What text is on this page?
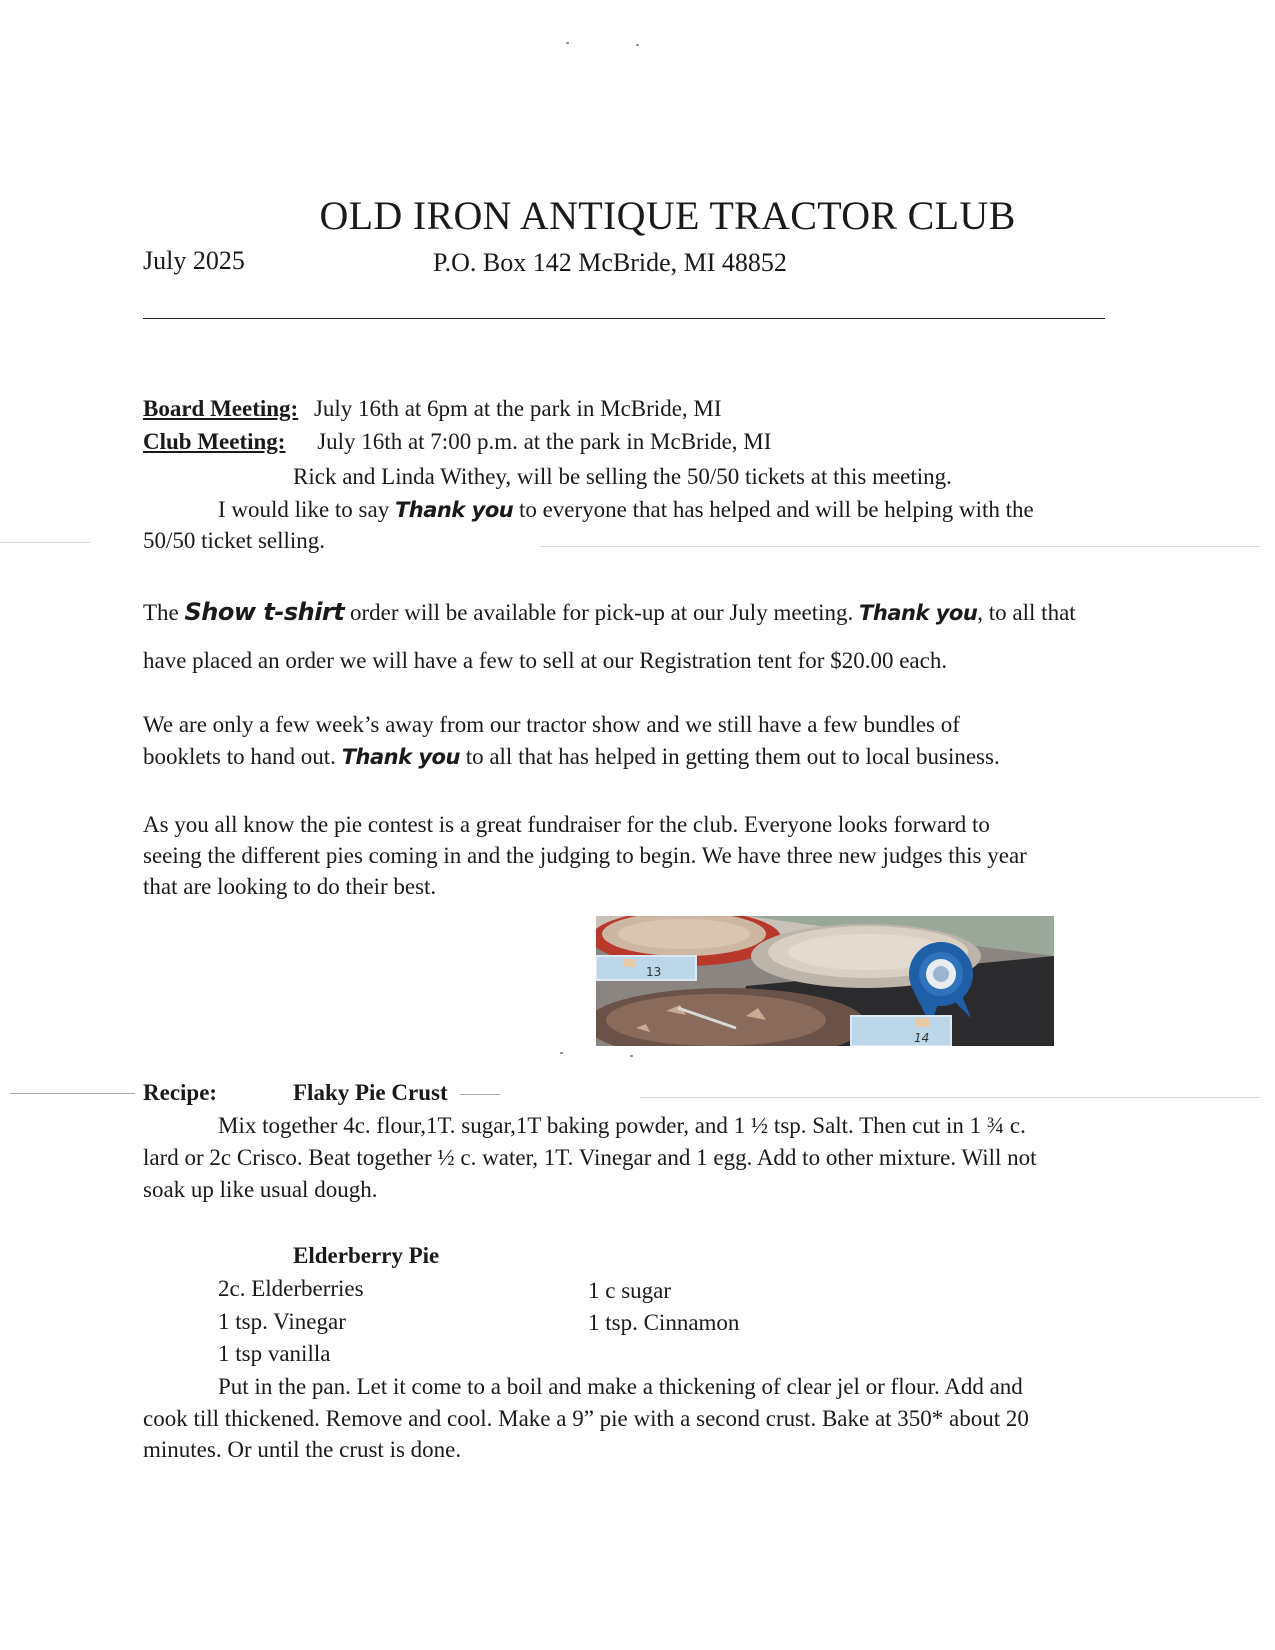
OLD IRON ANTIQUE TRACTOR CLUB
July 2025	P.O. Box 142 McBride, MI 48852
Board Meeting: July 16th at 6pm at the park in McBride, MI
Club Meeting: July 16th at 7:00 p.m. at the park in McBride, MI
Rick and Linda Withey, will be selling the 50/50 tickets at this meeting.
I would like to say Thank you to everyone that has helped and will be helping with the
50/50 ticket selling.
The Show t-shirt order will be available for pick-up at our July meeting. Thank you, to all that
have placed an order we will have a few to sell at our Registration tent for $20.00 each.
We are only a few week’s away from our tractor show and we still have a few bundles of
booklets to hand out. Thank you to all that has helped in getting them out to local business.
As you all know the pie contest is a great fundraiser for the club. Everyone looks forward to
seeing the different pies coming in and the judging to begin. We have three new judges this year
that are looking to do their best.
13
14
Recipe:	Flaky Pie Crust
Mix together 4c. flour,1T. sugar,1T baking powder, and 1 ½ tsp. Salt. Then cut in 1 ¾ c.
lard or 2c Crisco. Beat together ½ c. water, 1T. Vinegar and 1 egg. Add to other mixture. Will not
soak up like usual dough.
Elderberry Pie
2c. Elderberries	1 c sugar
1 tsp. Vinegar	1 tsp. Cinnamon
1 tsp vanilla
Put in the pan. Let it come to a boil and make a thickening of clear jel or flour. Add and
cook till thickened. Remove and cool. Make a 9” pie with a second crust. Bake at 350* about 20
minutes. Or until the crust is done.
